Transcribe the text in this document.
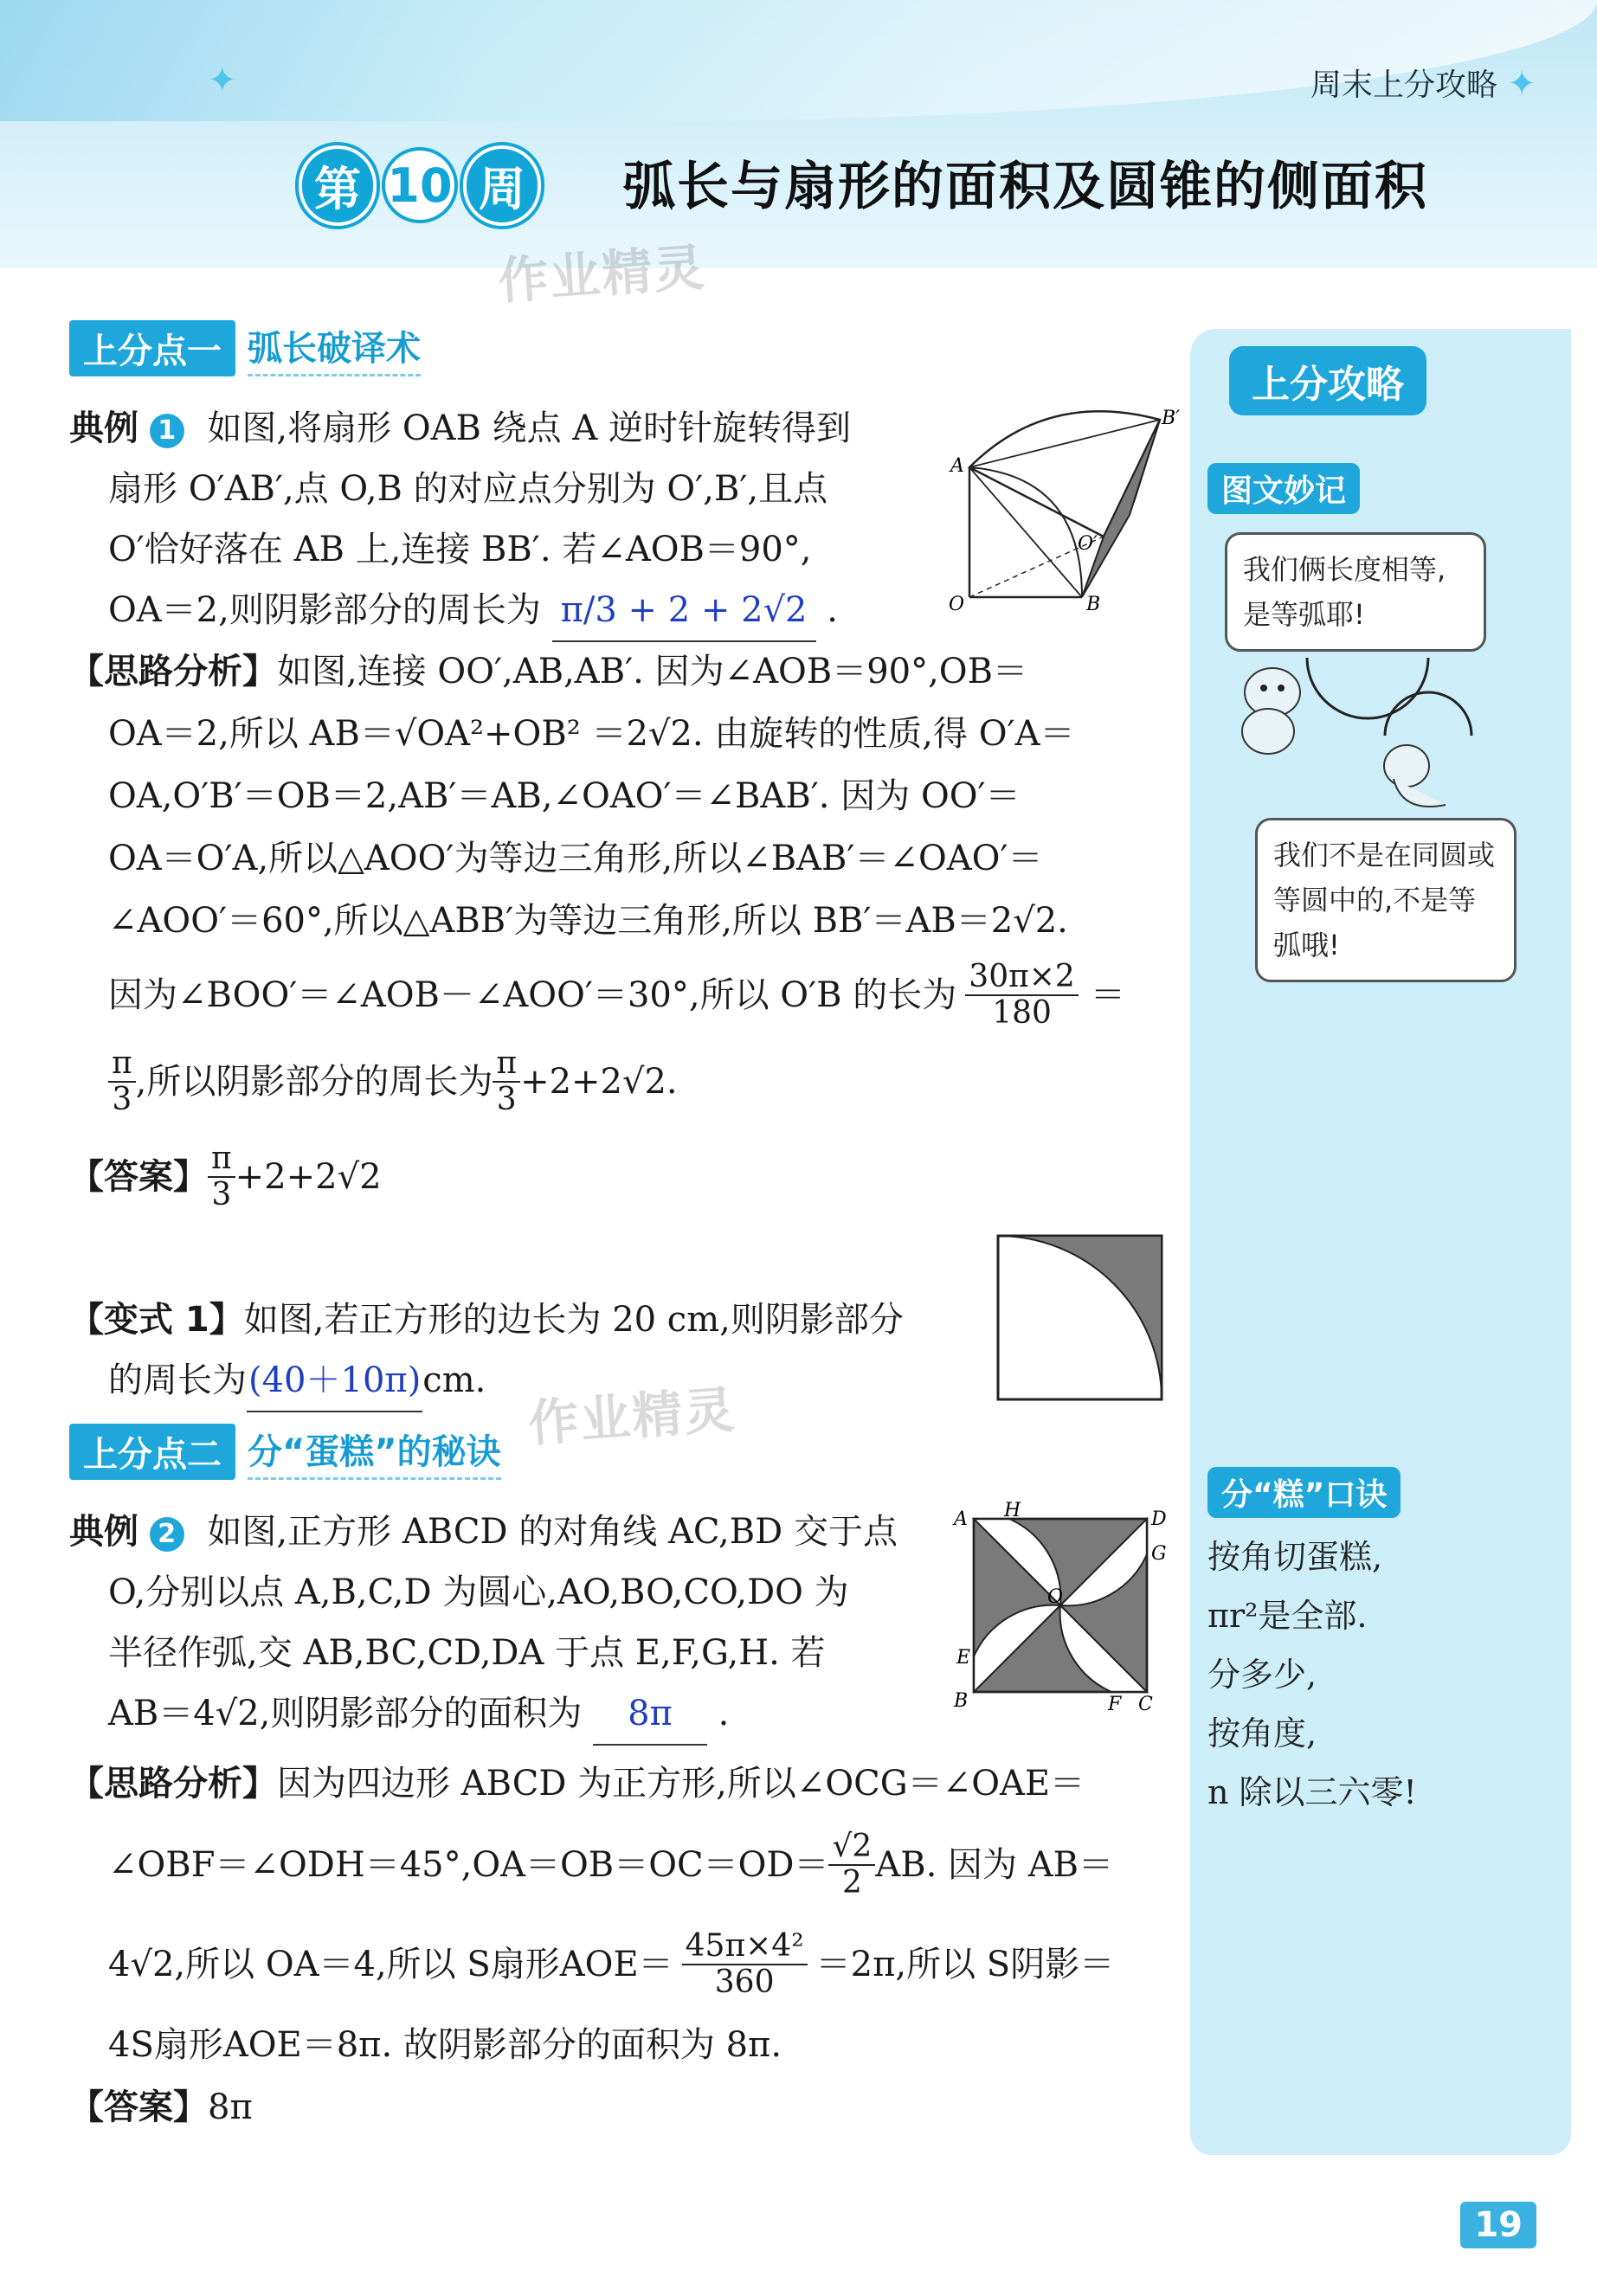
✦	周末上分攻略 ✦
第 10 周	弧长与扇形的面积及圆锥的侧面积
作业精灵
作业精灵
上分点一 弧长破译术
典例 1 如图,将扇形 OAB 绕点 A 逆时针旋转得到
扇形 O′AB′,点 O,B 的对应点分别为 O′,B′,且点
O′恰好落在 AB 上,连接 BB′. 若∠AOB＝90°,
OA＝2,则阴影部分的周长为 π/3 + 2 + 2√2 .
A
B′
O′
O	B
【思路分析】如图,连接 OO′,AB,AB′. 因为∠AOB＝90°,OB＝
OA＝2,所以 AB＝√OA²+OB² ＝2√2. 由旋转的性质,得 O′A＝
OA,O′B′＝OB＝2,AB′＝AB,∠OAO′＝∠BAB′. 因为 OO′＝
OA＝O′A,所以△AOO′为等边三角形,所以∠BAB′＝∠OAO′＝
∠AOO′＝60°,所以△ABB′为等边三角形,所以 BB′＝AB＝2√2.
因为∠BOO′＝∠AOB－∠AOO′＝30°,所以 O′B 的长为 $\frac{30\pi\times 2}{180}$ ＝
$\frac{\pi}{3}$ ,所以阴影部分的周长为 $\frac{\pi}{3} +2+2√2$.
【答案】 $\frac{\pi}{3} +2+2√2$
【变式 1】如图,若正方形的边长为 20 cm,则阴影部分
的周长为(40＋10π)cm.
上分点二 分“蛋糕”的秘诀
典例 2 如图,正方形 ABCD 的对角线 AC,BD 交于点
O,分别以点 A,B,C,D 为圆心,AO,BO,CO,DO 为
半径作弧,交 AB,BC,CD,DA 于点 E,F,G,H. 若
AB＝4√2,则阴影部分的面积为 8π .
A H	D
G
E
O
B	F C
【思路分析】因为四边形 ABCD 为正方形,所以∠OCG＝∠OAE＝
∠OBF＝∠ODH＝45°,OA＝OB＝OC＝OD＝ $\frac{√2}{2}$ AB. 因为 AB＝
4√2,所以 OA＝4,所以 S扇形$AOE= \frac{\text{45π×4²}}{360} =2\pi$,所以 S阴影＝
4S扇形AOE＝8π. 故阴影部分的面积为 8π.
【答案】8π
上分攻略
图文妙记
我们俩长度相等,
是等弧耶!
我们不是在同圆或
等圆中的,不是等
弧哦!
分“糕”口诀
按角切蛋糕,
πr²是全部.
分多少,
按角度,
n 除以三六零!
19
